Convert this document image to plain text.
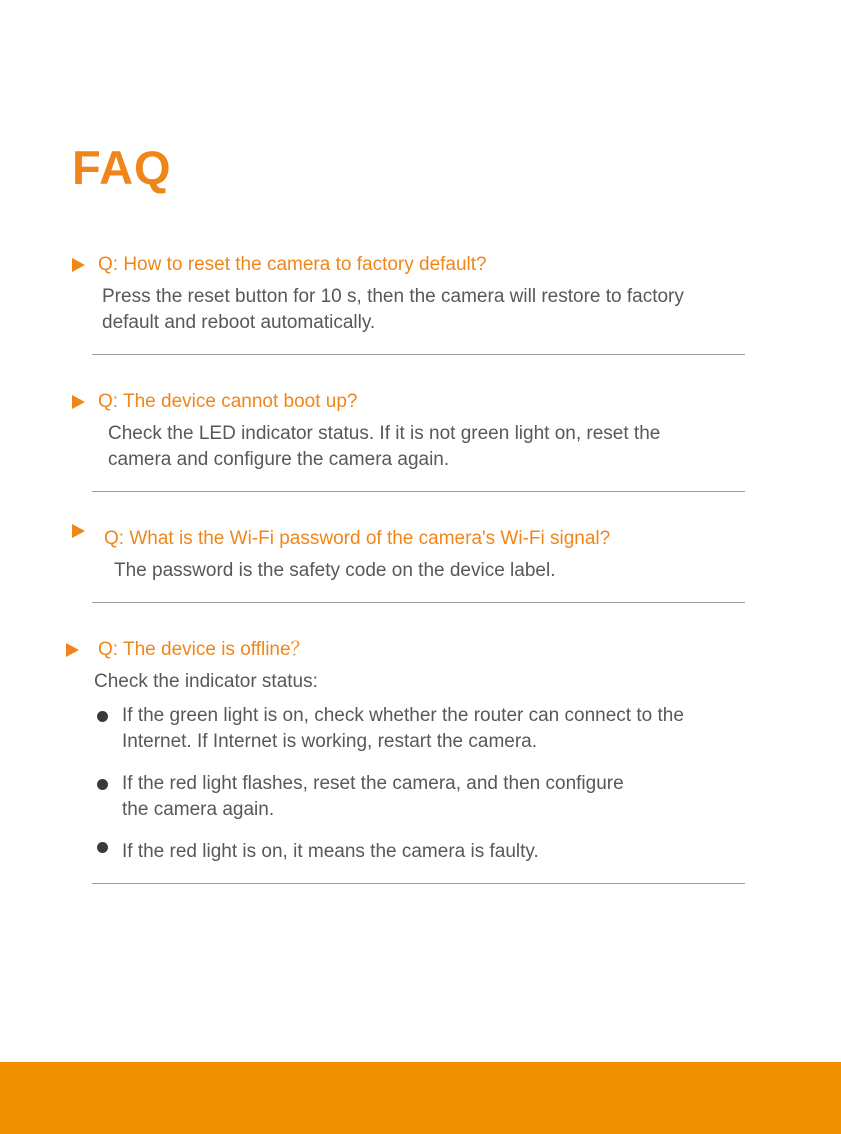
FAQ
Q: How to reset the camera to factory default?

Press the reset button for 10 s, then the camera will restore to factory default and reboot automatically.

Q: The device cannot boot up?

Check the LED indicator status. If it is not green light on, reset the camera and configure the camera again.

Q: What is the Wi-Fi password of the camera's Wi-Fi signal?

The password is the safety code on the device label.

Q: The device is offline？

Check the indicator status:

If the green light is on, check whether the router can connect to the Internet. If Internet is working, restart the camera.
If the red light flashes, reset the camera, and then configure the camera again.
If the red light is on, it means the camera is faulty.
